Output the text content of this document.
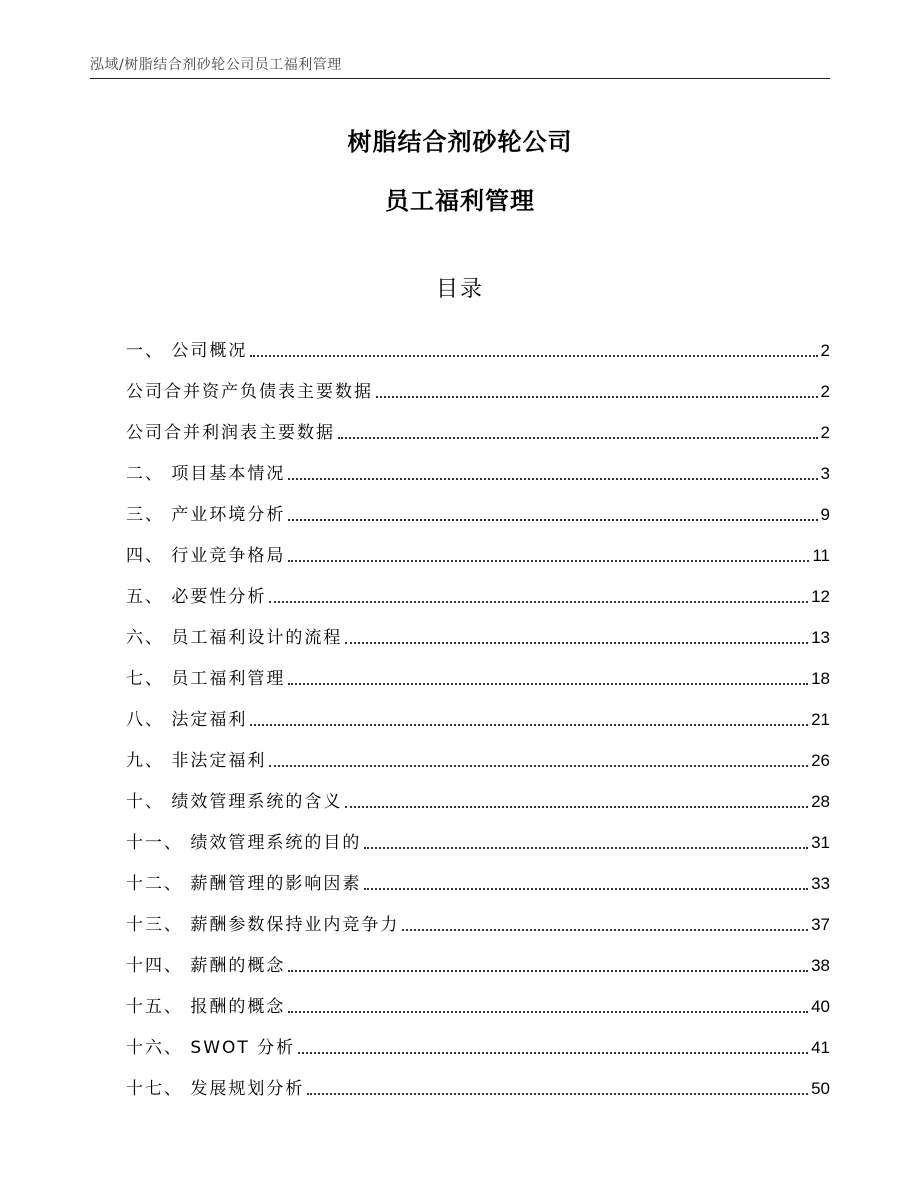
泓域/树脂结合剂砂轮公司员工福利管理
树脂结合剂砂轮公司
员工福利管理
目录
一、 公司概况	2
公司合并资产负债表主要数据	2
公司合并利润表主要数据	2
二、 项目基本情况	3
三、 产业环境分析	9
四、 行业竞争格局	11
五、 必要性分析	12
六、 员工福利设计的流程	13
七、 员工福利管理	18
八、 法定福利	21
九、 非法定福利	26
十、 绩效管理系统的含义	28
十一、 绩效管理系统的目的	31
十二、 薪酬管理的影响因素	33
十三、 薪酬参数保持业内竞争力	37
十四、 薪酬的概念	38
十五、 报酬的概念	40
十六、 SWOT 分析	41
十七、 发展规划分析	50
